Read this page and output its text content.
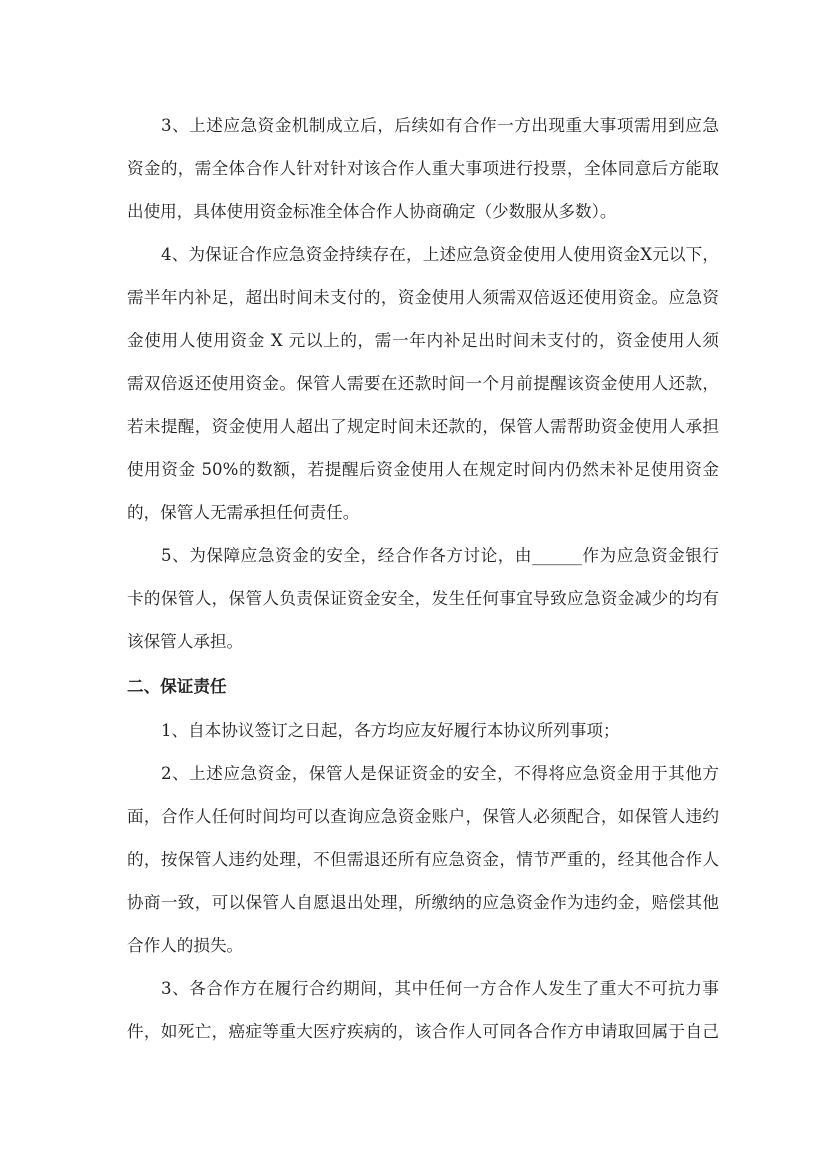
3、上述应急资金机制成立后，后续如有合作一方出现重大事项需用到应急
资金的，需全体合作人针对针对该合作人重大事项进行投票，全体同意后方能取
出使用，具体使用资金标准全体合作人协商确定（少数服从多数）。
4、为保证合作应急资金持续存在，上述应急资金使用人使用资金X元以下，
需半年内补足，超出时间未支付的，资金使用人须需双倍返还使用资金。应急资
金使用人使用资金 X 元以上的，需一年内补足出时间未支付的，资金使用人须
需双倍返还使用资金。保管人需要在还款时间一个月前提醒该资金使用人还款，
若未提醒，资金使用人超出了规定时间未还款的，保管人需帮助资金使用人承担
使用资金 50%的数额，若提醒后资金使用人在规定时间内仍然未补足使用资金
的，保管人无需承担任何责任。
5、为保障应急资金的安全，经合作各方讨论，由______作为应急资金银行
卡的保管人，保管人负责保证资金安全，发生任何事宜导致应急资金减少的均有
该保管人承担。
二、保证责任
1、自本协议签订之日起，各方均应友好履行本协议所列事项；
2、上述应急资金，保管人是保证资金的安全，不得将应急资金用于其他方
面，合作人任何时间均可以查询应急资金账户，保管人必须配合，如保管人违约
的，按保管人违约处理，不但需退还所有应急资金，情节严重的，经其他合作人
协商一致，可以保管人自愿退出处理，所缴纳的应急资金作为违约金，赔偿其他
合作人的损失。
3、各合作方在履行合约期间，其中任何一方合作人发生了重大不可抗力事
件，如死亡，癌症等重大医疗疾病的，该合作人可同各合作方申请取回属于自己
